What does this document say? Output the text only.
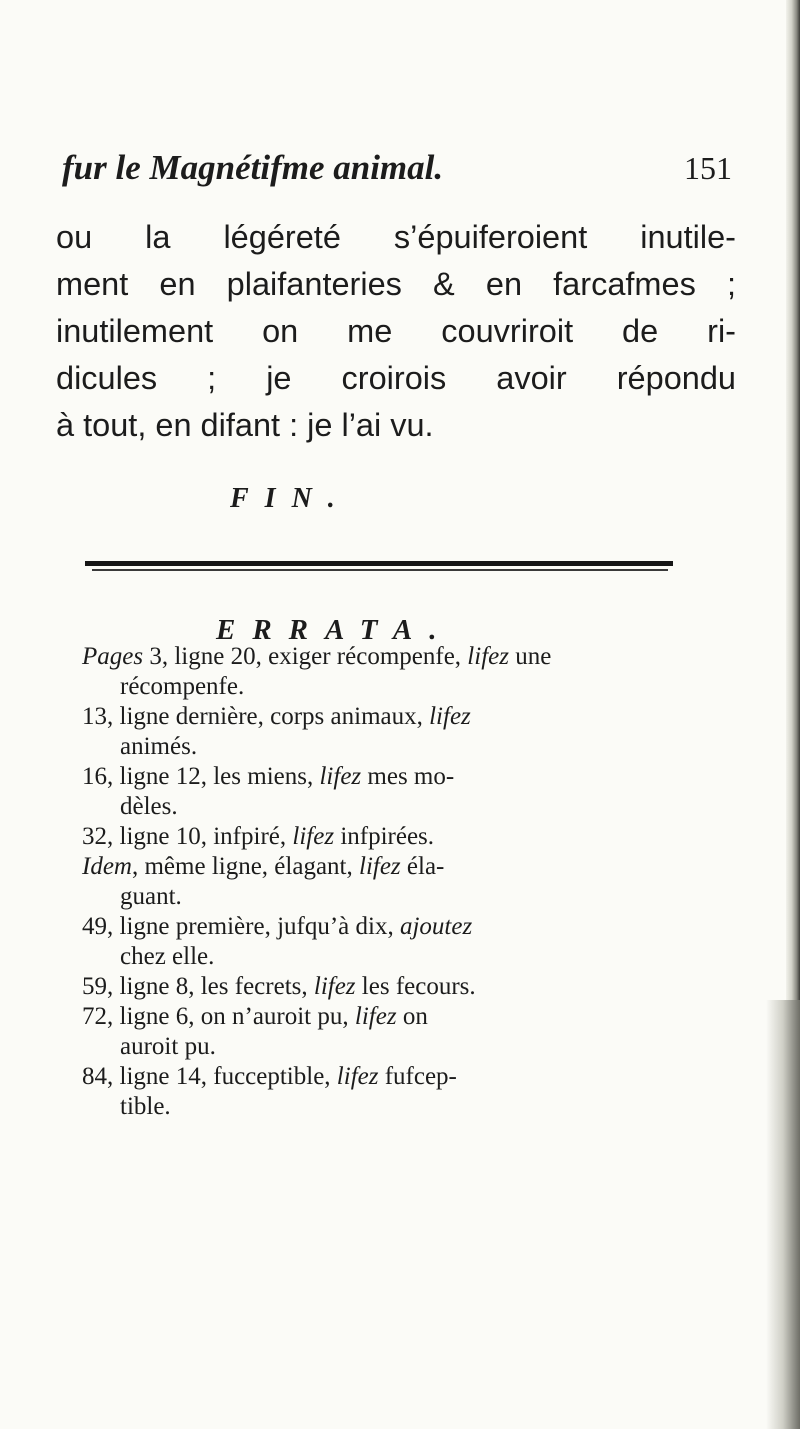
fur le Magnétifme animal.	151
ou la légéreté s’épuiferoient inutile-
ment en plaifanteries & en farcafmes ;
inutilement on me couvriroit de ri-
dicules ; je croirois avoir répondu
à tout, en difant : je l’ai vu.
FIN.
ERRATA.
Pages 3, ligne 20, exiger récompenfe, lifez une
récompenfe.
13, ligne dernière, corps animaux, lifez
animés.
16, ligne 12, les miens, lifez mes mo-
dèles.
32, ligne 10, infpiré, lifez infpirées.
Idem, même ligne, élagant, lifez éla-
guant.
49, ligne première, jufqu’à dix, ajoutez
chez elle.
59, ligne 8, les fecrets, lifez les fecours.
72, ligne 6, on n’auroit pu, lifez on
auroit pu.
84, ligne 14, fucceptible, lifez fufcep-
tible.
